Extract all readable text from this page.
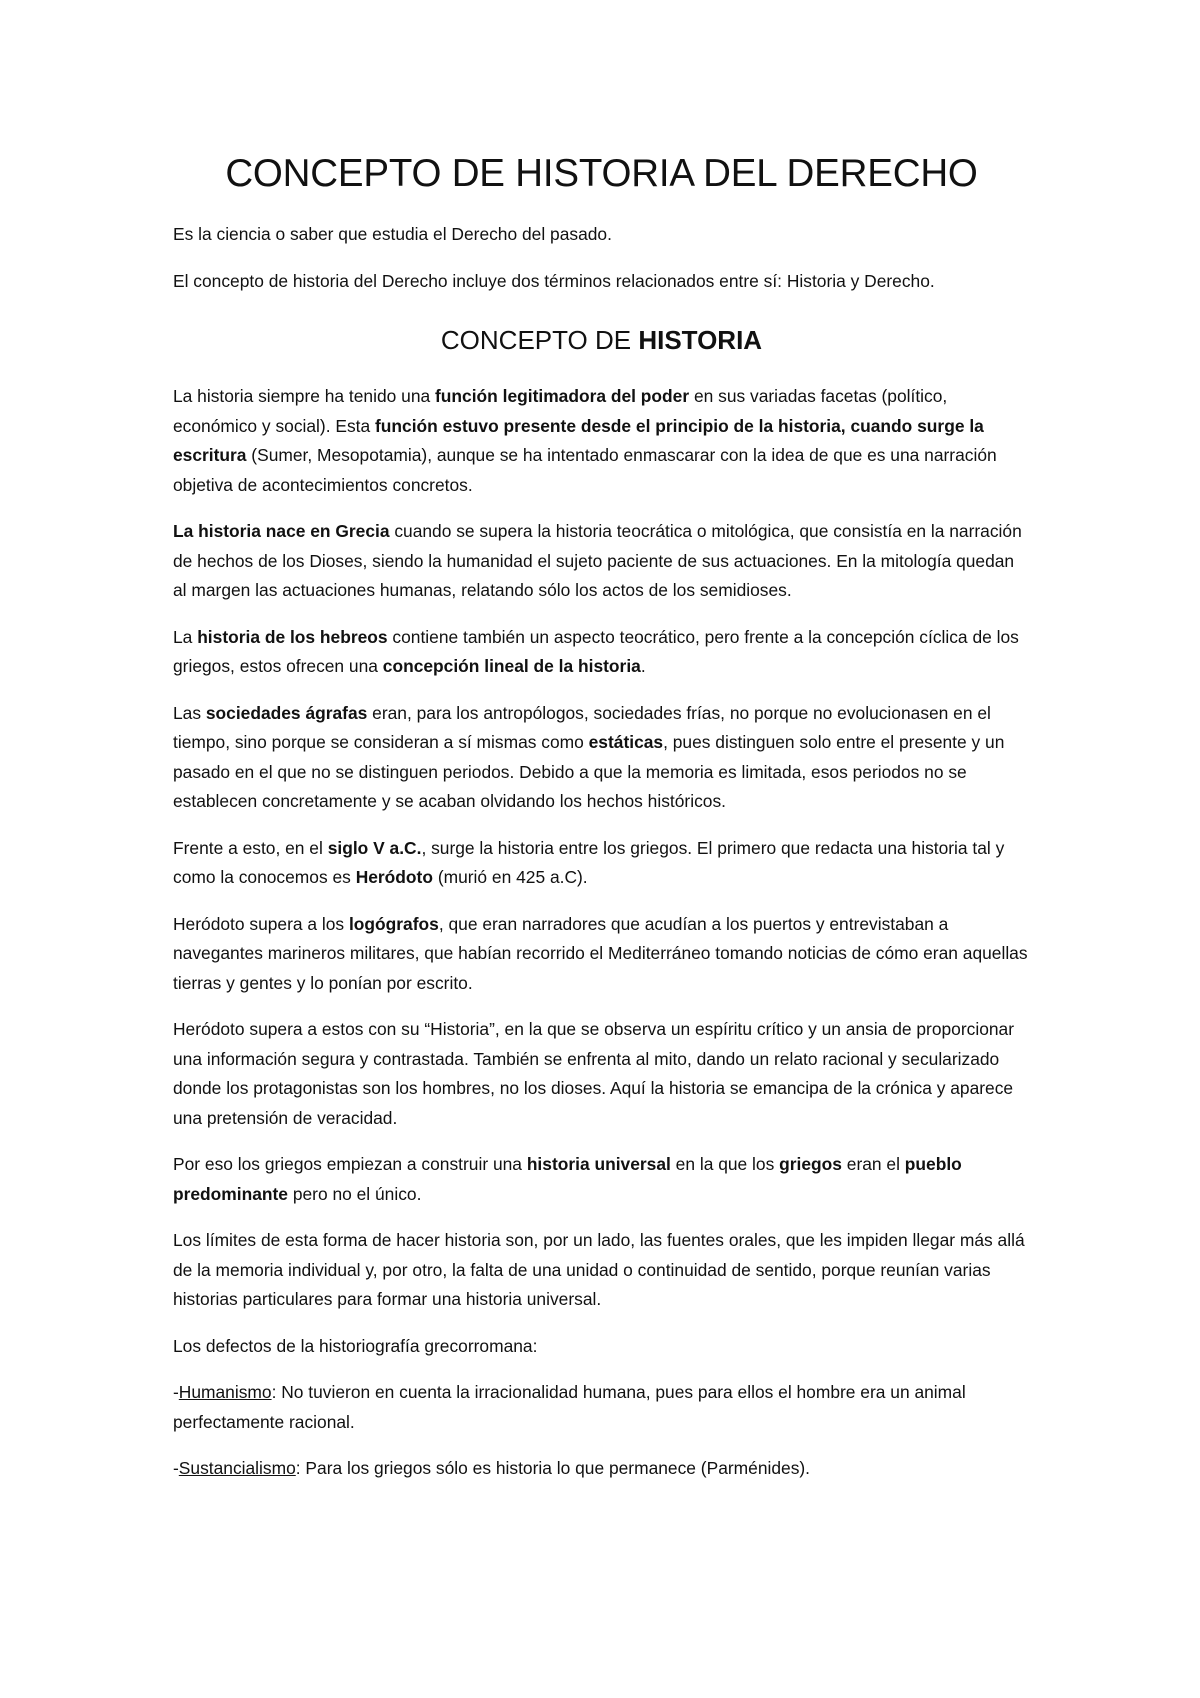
CONCEPTO DE HISTORIA DEL DERECHO

Es la ciencia o saber que estudia el Derecho del pasado.

El concepto de historia del Derecho incluye dos términos relacionados entre sí: Historia y Derecho.

CONCEPTO DE HISTORIA

La historia siempre ha tenido una función legitimadora del poder en sus variadas facetas (político, económico y social). Esta función estuvo presente desde el principio de la historia, cuando surge la escritura (Sumer, Mesopotamia), aunque se ha intentado enmascarar con la idea de que es una narración objetiva de acontecimientos concretos.

La historia nace en Grecia cuando se supera la historia teocrática o mitológica, que consistía en la narración de hechos de los Dioses, siendo la humanidad el sujeto paciente de sus actuaciones. En la mitología quedan al margen las actuaciones humanas, relatando sólo los actos de los semidioses.

La historia de los hebreos contiene también un aspecto teocrático, pero frente a la concepción cíclica de los griegos, estos ofrecen una concepción lineal de la historia.

Las sociedades ágrafas eran, para los antropólogos, sociedades frías, no porque no evolucionasen en el tiempo, sino porque se consideran a sí mismas como estáticas, pues distinguen solo entre el presente y un pasado en el que no se distinguen periodos. Debido a que la memoria es limitada, esos periodos no se establecen concretamente y se acaban olvidando los hechos históricos.

Frente a esto, en el siglo V a.C., surge la historia entre los griegos. El primero que redacta una historia tal y como la conocemos es Heródoto (murió en 425 a.C).

Heródoto supera a los logógrafos, que eran narradores que acudían a los puertos y entrevistaban a navegantes marineros militares, que habían recorrido el Mediterráneo tomando noticias de cómo eran aquellas tierras y gentes y lo ponían por escrito.

Heródoto supera a estos con su “Historia”, en la que se observa un espíritu crítico y un ansia de proporcionar una información segura y contrastada. También se enfrenta al mito, dando un relato racional y secularizado donde los protagonistas son los hombres, no los dioses. Aquí la historia se emancipa de la crónica y aparece una pretensión de veracidad.

Por eso los griegos empiezan a construir una historia universal en la que los griegos eran el pueblo predominante pero no el único.

Los límites de esta forma de hacer historia son, por un lado, las fuentes orales, que les impiden llegar más allá de la memoria individual y, por otro, la falta de una unidad o continuidad de sentido, porque reunían varias historias particulares para formar una historia universal.

Los defectos de la historiografía grecorromana:

-Humanismo: No tuvieron en cuenta la irracionalidad humana, pues para ellos el hombre era un animal perfectamente racional.

-Sustancialismo: Para los griegos sólo es historia lo que permanece (Parménides).
